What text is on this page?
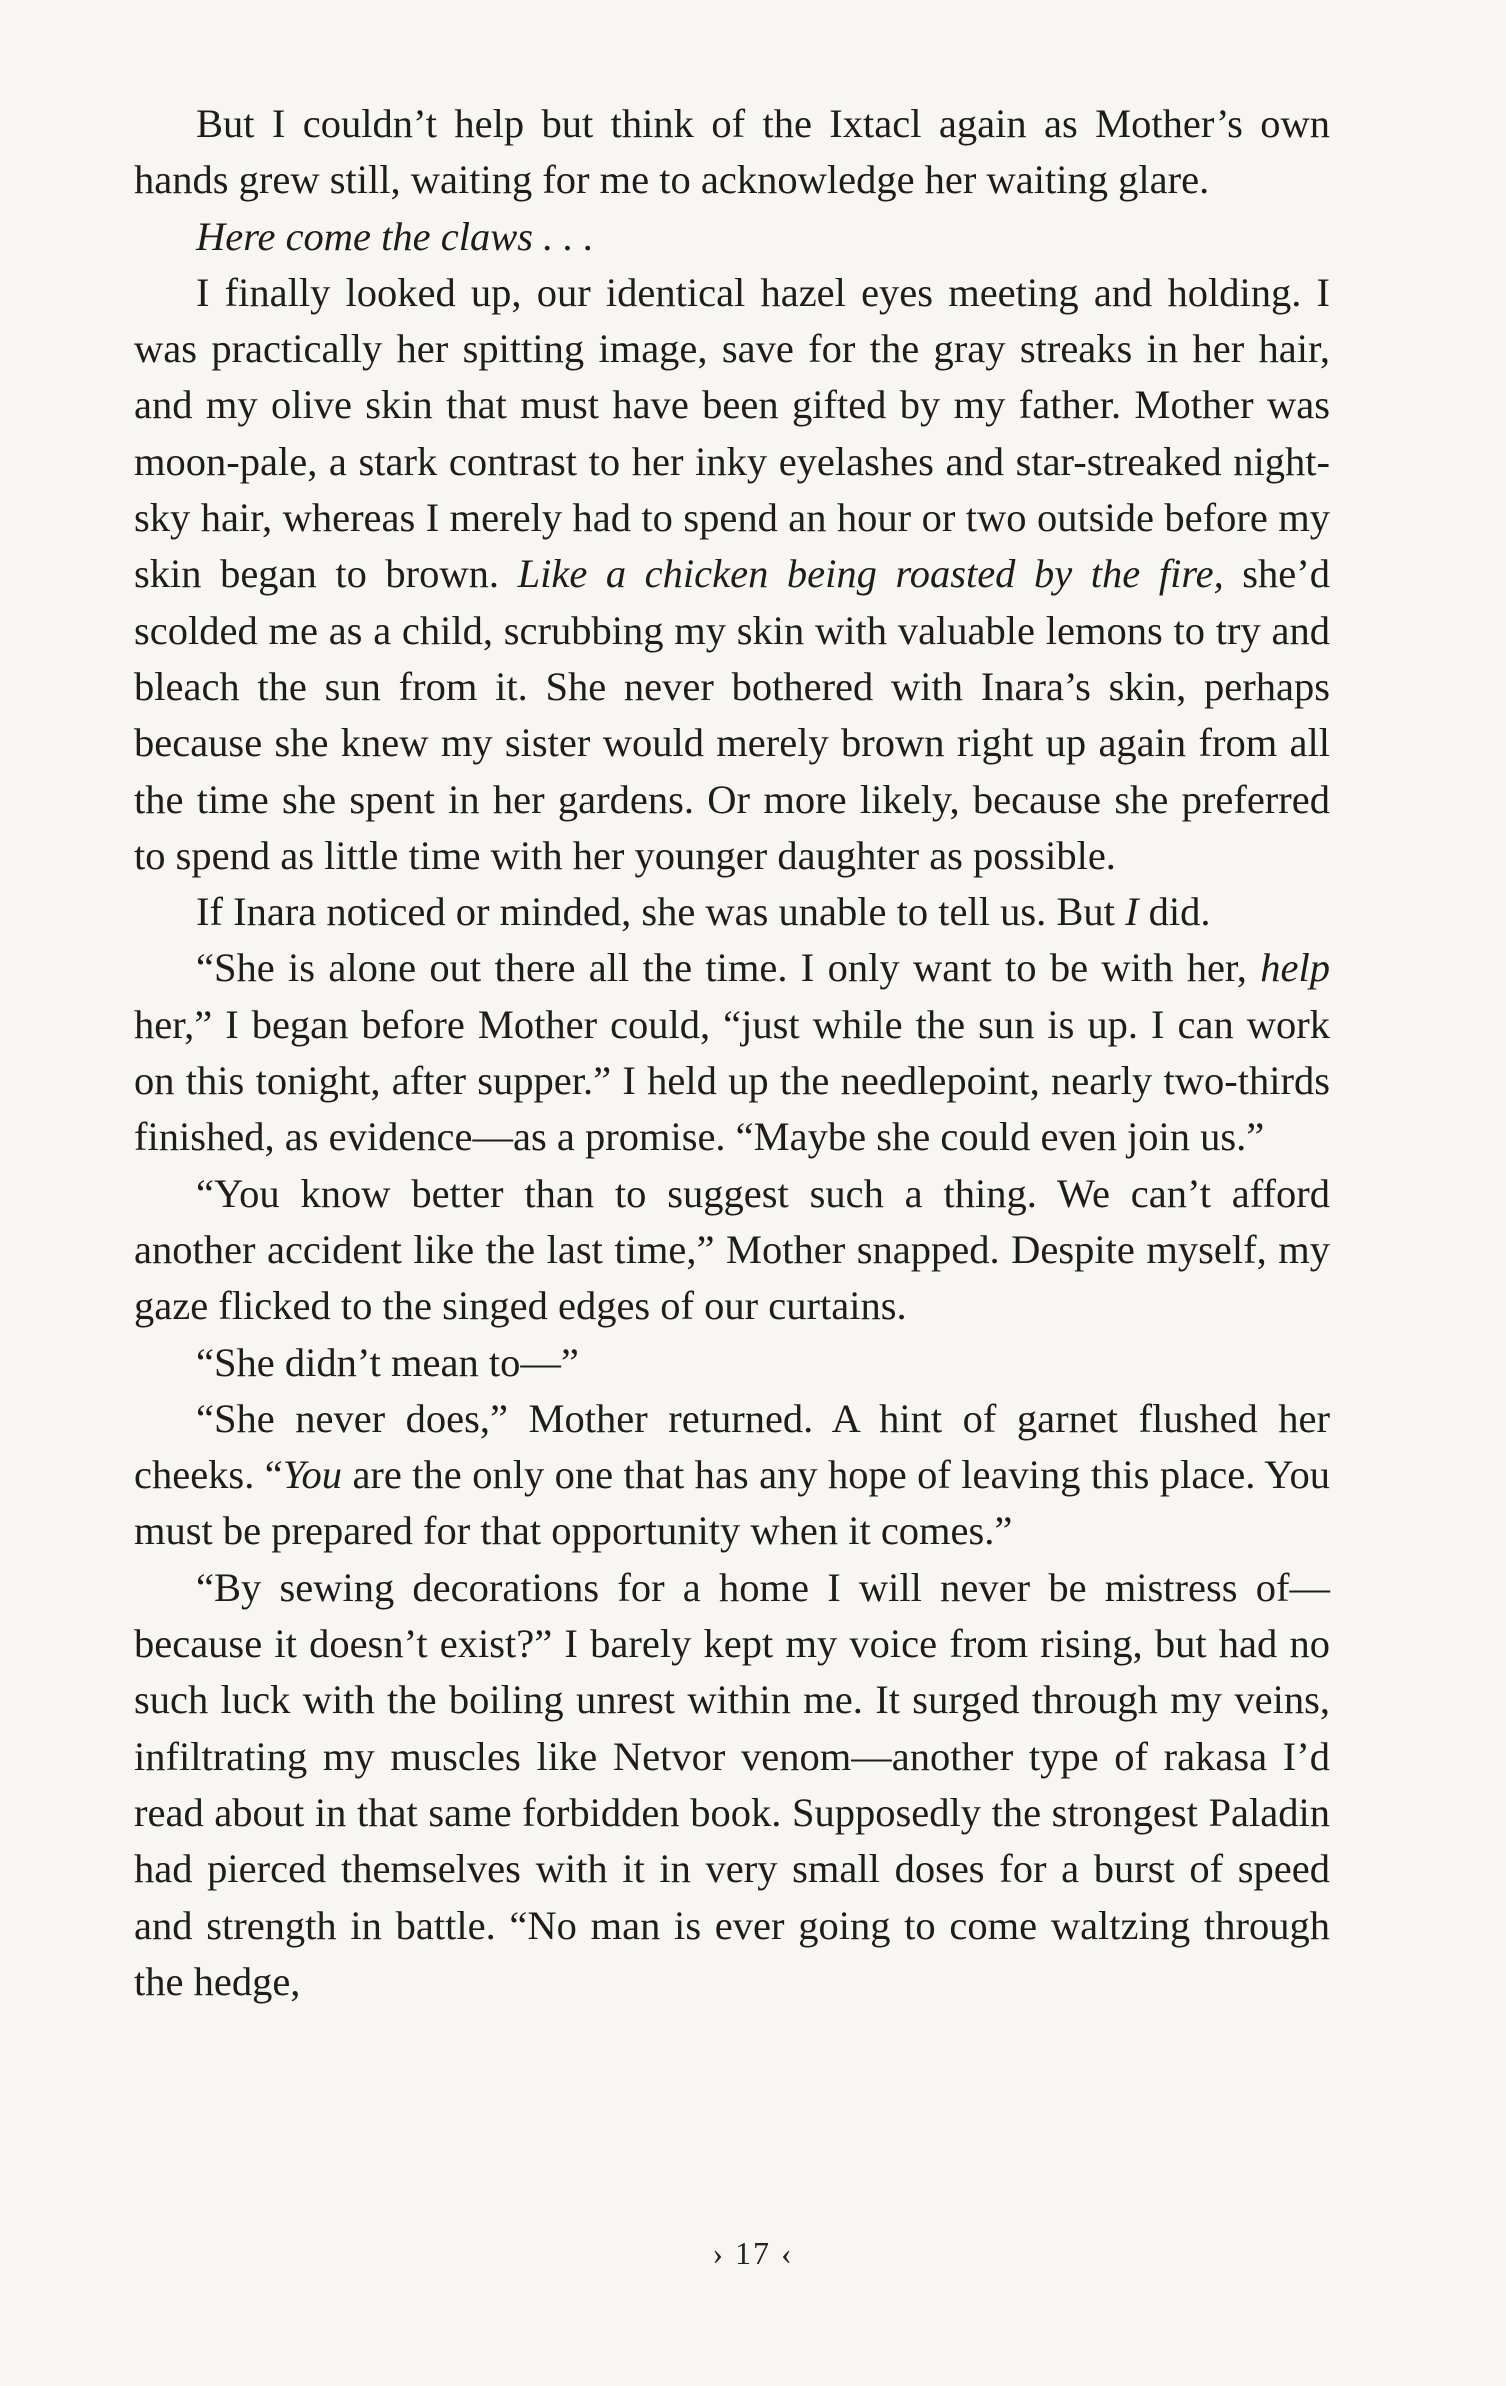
But I couldn’t help but think of the Ixtacl again as Mother’s own hands grew still, waiting for me to acknowledge her waiting glare.

Here come the claws . . .

I finally looked up, our identical hazel eyes meeting and holding. I was practically her spitting image, save for the gray streaks in her hair, and my olive skin that must have been gifted by my father. Mother was moon-pale, a stark contrast to her inky eyelashes and star-streaked night-sky hair, whereas I merely had to spend an hour or two outside before my skin began to brown. Like a chicken being roasted by the fire, she’d scolded me as a child, scrubbing my skin with valuable lemons to try and bleach the sun from it. She never bothered with Inara’s skin, perhaps because she knew my sister would merely brown right up again from all the time she spent in her gardens. Or more likely, because she preferred to spend as little time with her younger daughter as possible.

If Inara noticed or minded, she was unable to tell us. But I did.

“She is alone out there all the time. I only want to be with her, help her,” I began before Mother could, “just while the sun is up. I can work on this tonight, after supper.” I held up the needlepoint, nearly two-thirds finished, as evidence—as a promise. “Maybe she could even join us.”

“You know better than to suggest such a thing. We can’t afford another accident like the last time,” Mother snapped. Despite myself, my gaze flicked to the singed edges of our curtains.

“She didn’t mean to—”

“She never does,” Mother returned. A hint of garnet flushed her cheeks. “You are the only one that has any hope of leaving this place. You must be prepared for that opportunity when it comes.”

“By sewing decorations for a home I will never be mistress of—because it doesn’t exist?” I barely kept my voice from rising, but had no such luck with the boiling unrest within me. It surged through my veins, infiltrating my muscles like Netvor venom—another type of rakasa I’d read about in that same forbidden book. Supposedly the strongest Paladin had pierced themselves with it in very small doses for a burst of speed and strength in battle. “No man is ever going to come waltzing through the hedge,

› 17 ‹
